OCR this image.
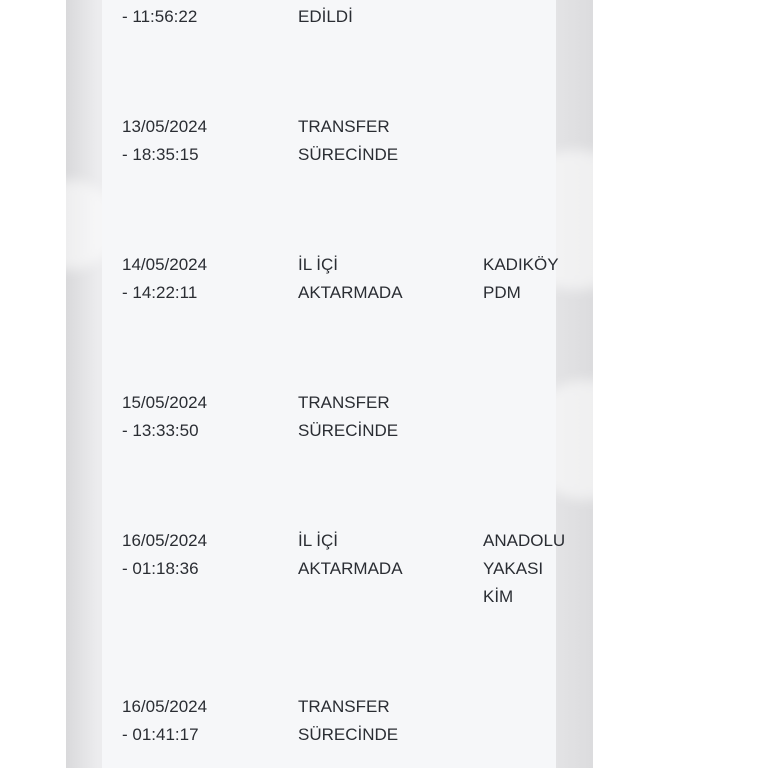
- 11:56:22	EDİLDİ
13/05/2024
- 18:35:15
TRANSFER
SÜRECİNDE
14/05/2024
- 14:22:11
İL İÇİ
AKTARMADA
KADIKÖY
PDM
15/05/2024
- 13:33:50
TRANSFER
SÜRECİNDE
16/05/2024
- 01:18:36
İL İÇİ
AKTARMADA
ANADOLU
YAKASI
KİM
16/05/2024
- 01:41:17
TRANSFER
SÜRECİNDE
